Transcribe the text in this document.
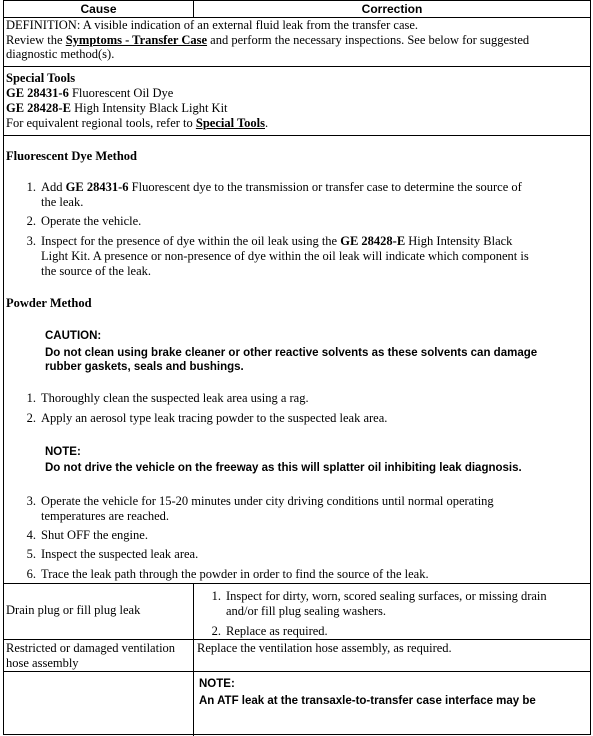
Cause	Correction
DEFINITION: A visible indication of an external fluid leak from the transfer case.
Review the Symptoms - Transfer Case and perform the necessary inspections. See below for suggested
diagnostic method(s).
Special Tools
GE 28431-6 Fluorescent Oil Dye
GE 28428-E High Intensity Black Light Kit
For equivalent regional tools, refer to Special Tools.
Fluorescent Dye Method
1. Add GE 28431-6 Fluorescent dye to the transmission or transfer case to determine the source of
the leak.
2. Operate the vehicle.
3. Inspect for the presence of dye within the oil leak using the GE 28428-E High Intensity Black
Light Kit. A presence or non-presence of dye within the oil leak will indicate which component is
the source of the leak.
Powder Method
CAUTION:
Do not clean using brake cleaner or other reactive solvents as these solvents can damage
rubber gaskets, seals and bushings.
1. Thoroughly clean the suspected leak area using a rag.
2. Apply an aerosol type leak tracing powder to the suspected leak area.
NOTE:
Do not drive the vehicle on the freeway as this will splatter oil inhibiting leak diagnosis.
3. Operate the vehicle for 15-20 minutes under city driving conditions until normal operating
temperatures are reached.
4. Shut OFF the engine.
5. Inspect the suspected leak area.
6. Trace the leak path through the powder in order to find the source of the leak.
Drain plug or fill plug leak
1. Inspect for dirty, worn, scored sealing surfaces, or missing drain
and/or fill plug sealing washers.
2. Replace as required.
Restricted or damaged ventilation
hose assembly
Replace the ventilation hose assembly, as required.
NOTE:
An ATF leak at the transaxle-to-transfer case interface may be
